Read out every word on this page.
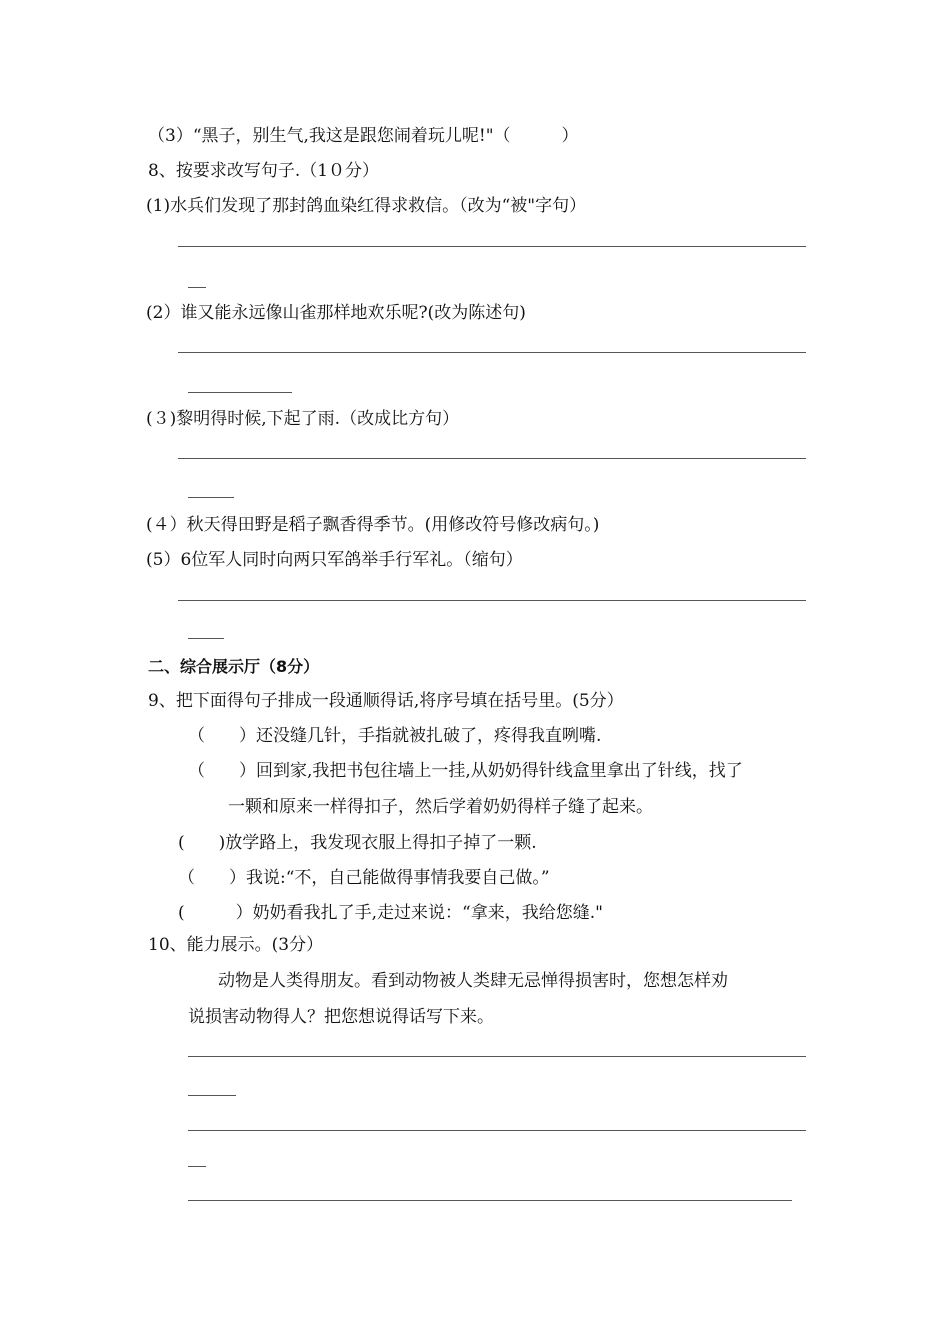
（3）“黑子，别生气,我这是跟您闹着玩儿呢!"（　　　）
8、按要求改写句子.（1０分）
(1)水兵们发现了那封鸽血染红得求救信。（改为“被"字句）
(2）谁又能永远像山雀那样地欢乐呢?(改为陈述句)
(３)黎明得时候,下起了雨.（改成比方句）
(４）秋天得田野是稻子飘香得季节。(用修改符号修改病句。)
(5）6位军人同时向两只军鸽举手行军礼。（缩句）
二、综合展示厅（8分）
9、把下面得句子排成一段通顺得话,将序号填在括号里。(5分）
（　　）还没缝几针，手指就被扎破了，疼得我直咧嘴.
（　　）回到家,我把书包往墙上一挂,从奶奶得针线盒里拿出了针线，找了
一颗和原来一样得扣子，然后学着奶奶得样子缝了起来。
(　　)放学路上，我发现衣服上得扣子掉了一颗.
（　　）我说:“不，自己能做得事情我要自己做。”
(　　　）奶奶看我扎了手,走过来说：“拿来，我给您缝."
10、能力展示。(3分）
动物是人类得朋友。看到动物被人类肆无忌惮得损害时，您想怎样劝
说损害动物得人？把您想说得话写下来。
